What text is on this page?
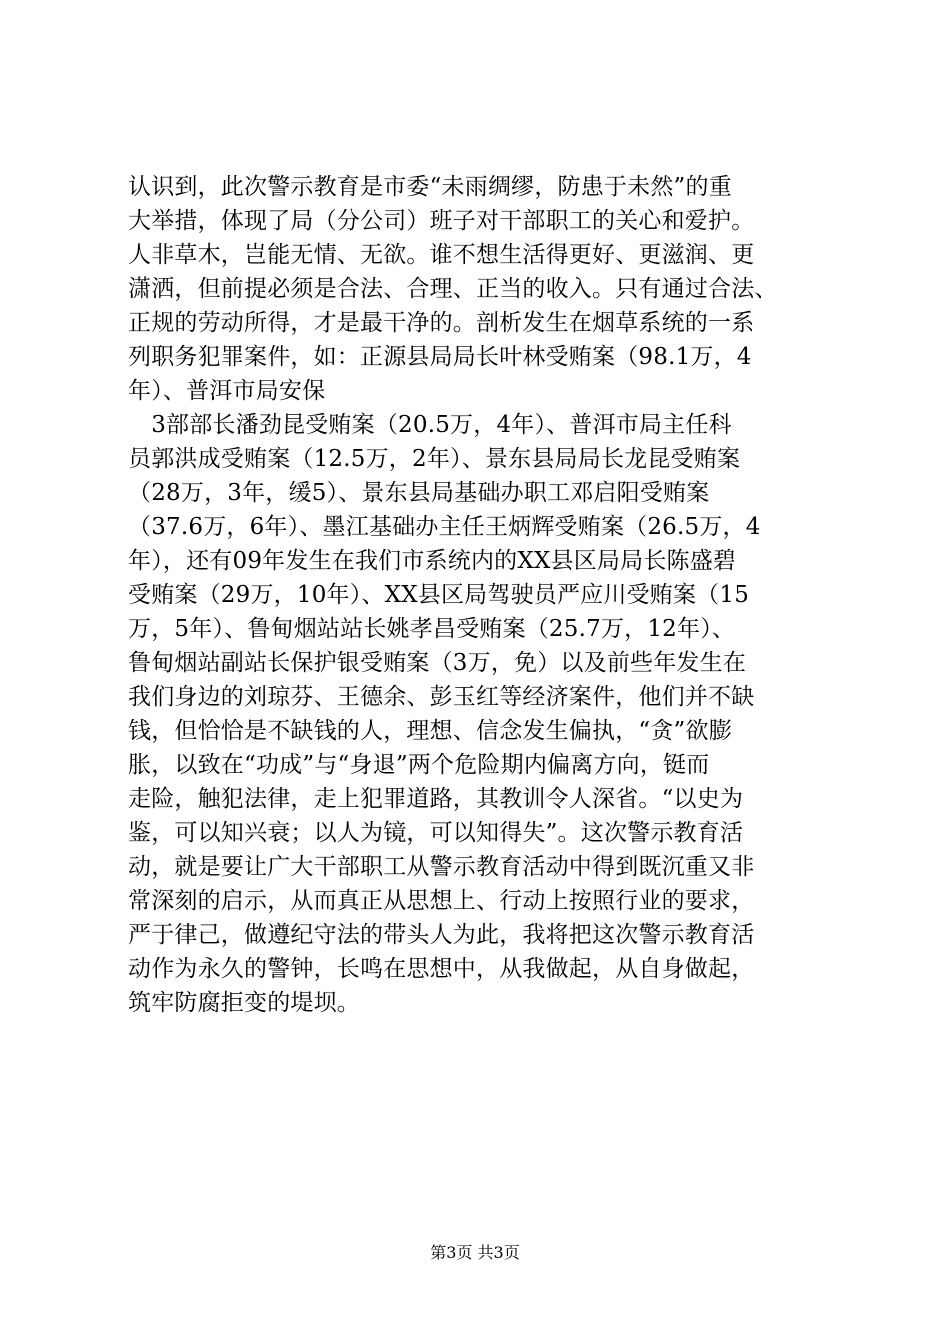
认识到，此次警示教育是市委“未雨绸缪，防患于未然”的重
大举措，体现了局（分公司）班子对干部职工的关心和爱护。
人非草木，岂能无情、无欲。谁不想生活得更好、更滋润、更
潇洒，但前提必须是合法、合理、正当的收入。只有通过合法、
正规的劳动所得，才是最干净的。剖析发生在烟草系统的一系
列职务犯罪案件，如：正源县局局长叶林受贿案（98.1万，4
年）、普洱市局安保
　3部部长潘劲昆受贿案（20.5万，4年）、普洱市局主任科
员郭洪成受贿案（12.5万，2年）、景东县局局长龙昆受贿案
（28万，3年，缓5）、景东县局基础办职工邓启阳受贿案
（37.6万，6年）、墨江基础办主任王炳辉受贿案（26.5万，4
年），还有09年发生在我们市系统内的XX县区局局长陈盛碧
受贿案（29万，10年）、XX县区局驾驶员严应川受贿案（15
万，5年）、鲁甸烟站站长姚孝昌受贿案（25.7万，12年）、
鲁甸烟站副站长保护银受贿案（3万，免）以及前些年发生在
我们身边的刘琼芬、王德余、彭玉红等经济案件，他们并不缺
钱，但恰恰是不缺钱的人，理想、信念发生偏执，“贪”欲膨
胀，以致在“功成”与“身退”两个危险期内偏离方向，铤而
走险，触犯法律，走上犯罪道路，其教训令人深省。“以史为
鉴，可以知兴衰；以人为镜，可以知得失”。这次警示教育活
动，就是要让广大干部职工从警示教育活动中得到既沉重又非
常深刻的启示，从而真正从思想上、行动上按照行业的要求，
严于律己，做遵纪守法的带头人为此，我将把这次警示教育活
动作为永久的警钟，长鸣在思想中，从我做起，从自身做起，
筑牢防腐拒变的堤坝。
第3页 共3页
